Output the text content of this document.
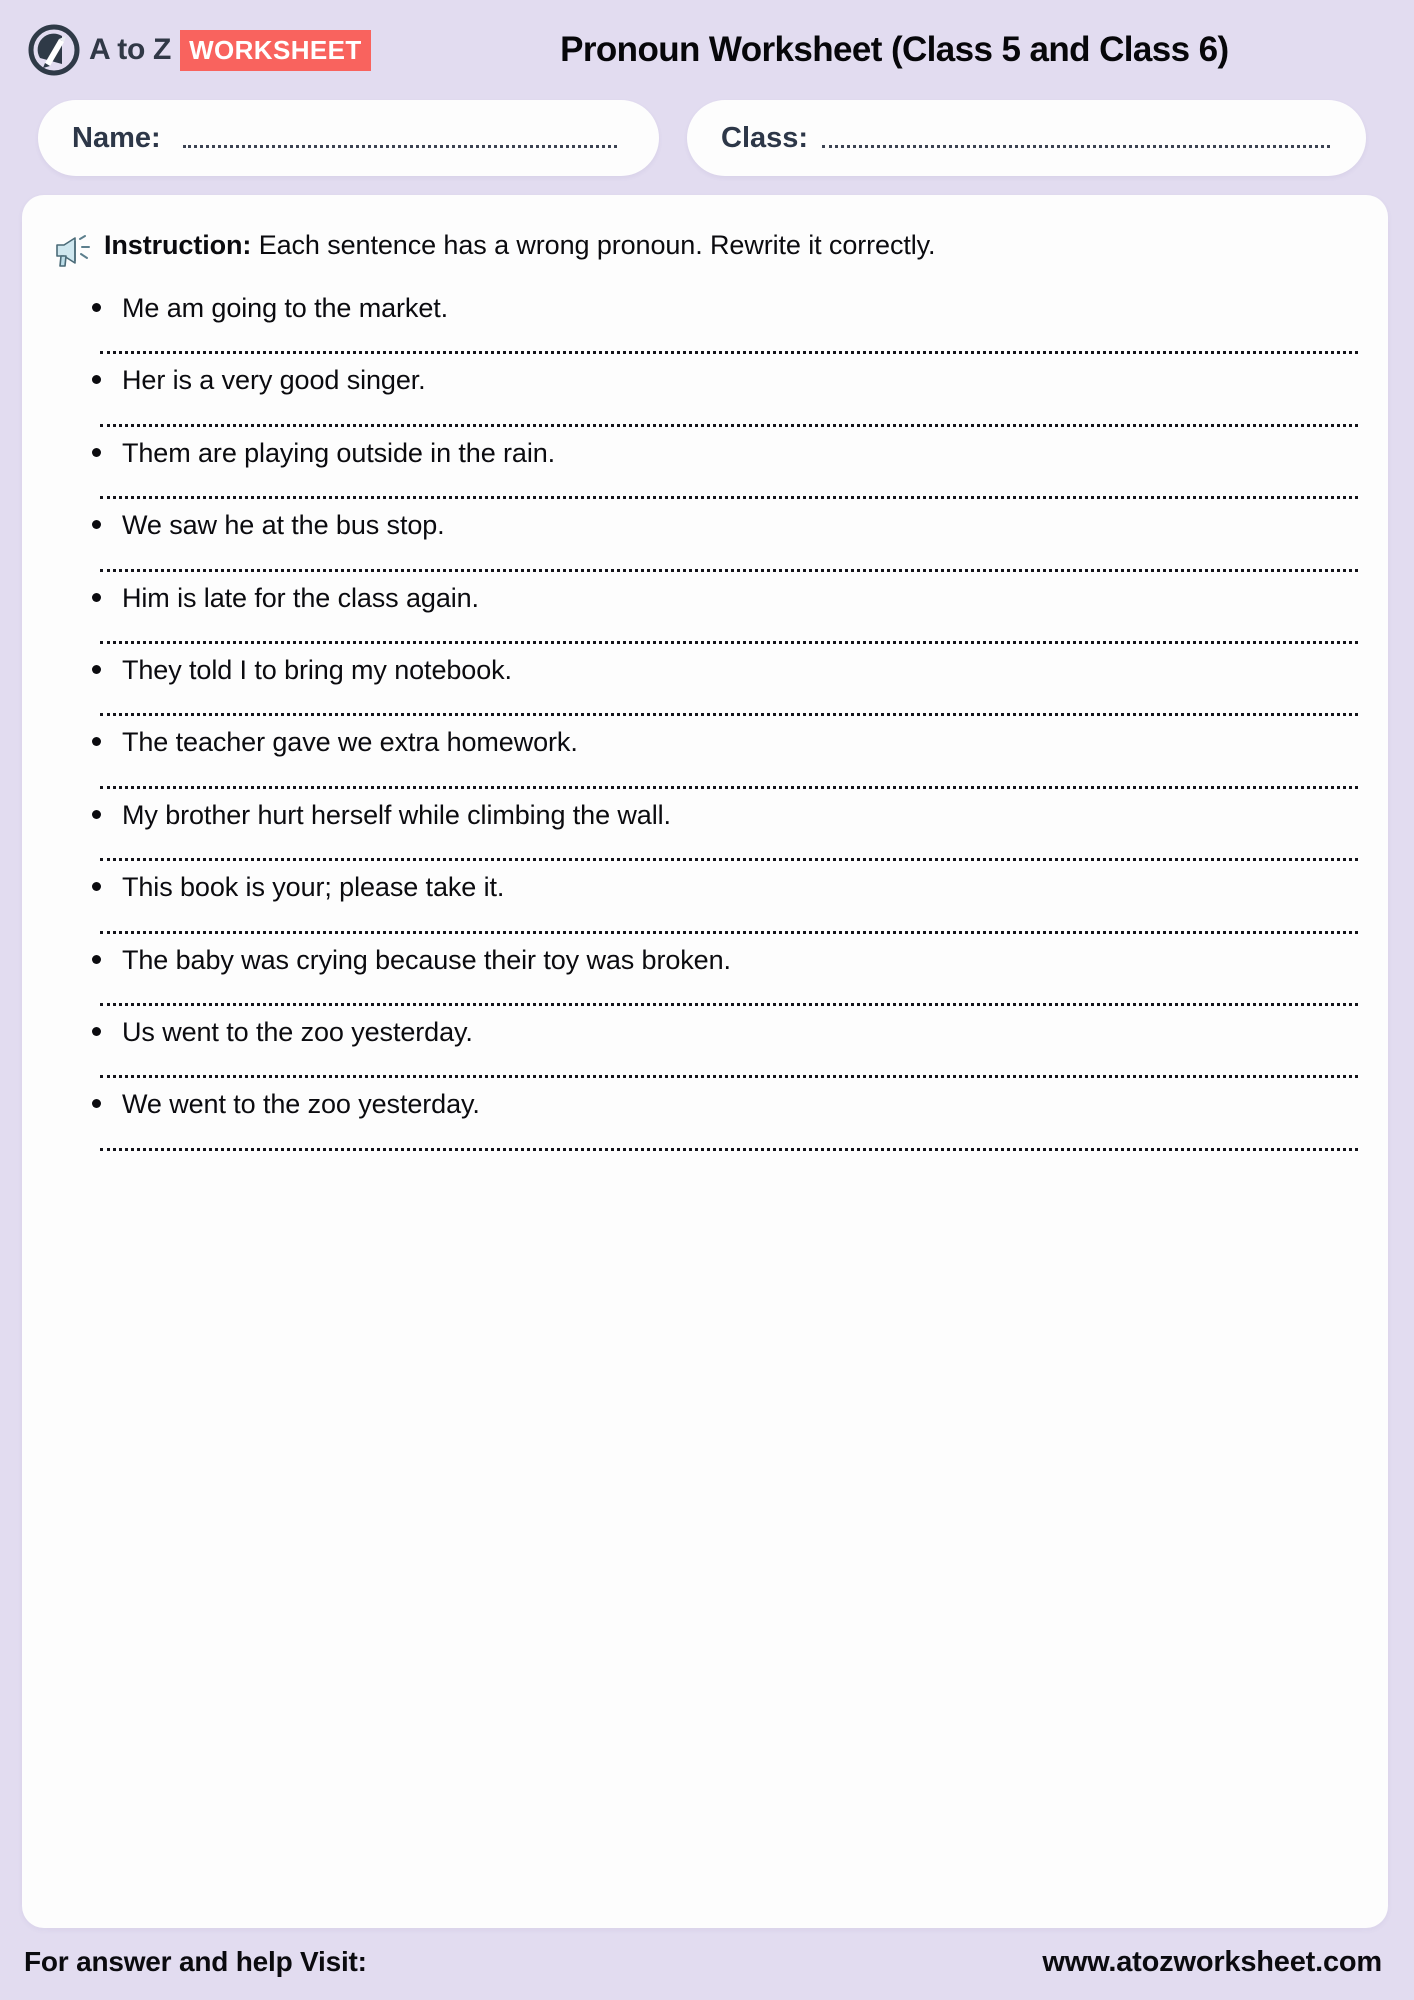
A to Z WORKSHEET	Pronoun Worksheet (Class 5 and Class 6)
Name:	Class:
Instruction: Each sentence has a wrong pronoun. Rewrite it correctly.
Me am going to the market.
Her is a very good singer.
Them are playing outside in the rain.
We saw he at the bus stop.
Him is late for the class again.
They told I to bring my notebook.
The teacher gave we extra homework.
My brother hurt herself while climbing the wall.
This book is your; please take it.
The baby was crying because their toy was broken.
Us went to the zoo yesterday.
We went to the zoo yesterday.
For answer and help Visit:	www.atozworksheet.com
